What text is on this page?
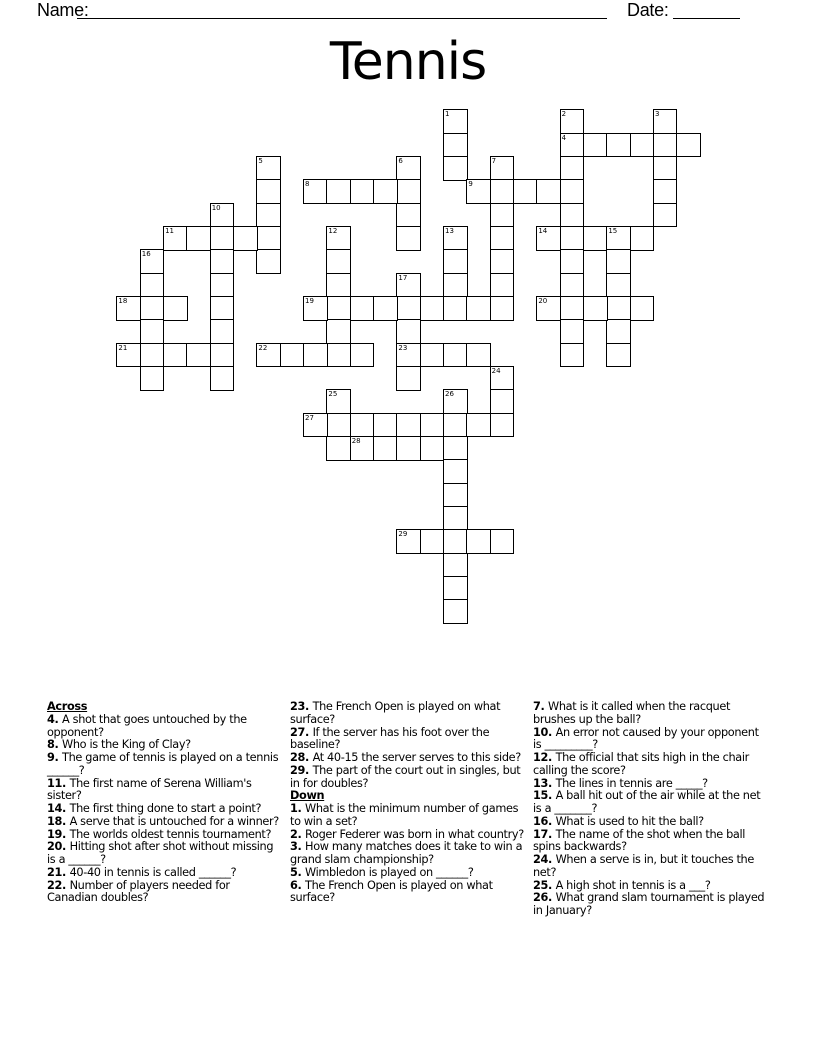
Name:	Date:
Tennis
1	2
4
3
5	6	7
8	9
10
11	12	13	14	15
16
17
23
18	19	20
21	22
24
25	26
27
28
29
Across
4. A shot that goes untouched by the opponent?
8. Who is the King of Clay?
9. The game of tennis is played on a tennis ______?
11. The first name of Serena William's sister?
14. The first thing done to start a point?
18. A serve that is untouched for a winner?
19. The worlds oldest tennis tournament?
20. Hitting shot after shot without missing is a ______?
21. 40-40 in tennis is called ______?
22. Number of players needed for Canadian doubles?
23. The French Open is played on what surface?
27. If the server has his foot over the baseline?
28. At 40-15 the server serves to this side?
29. The part of the court out in singles, but in for doubles?
Down
1. What is the minimum number of games to win a set?
2. Roger Federer was born in what country?
3. How many matches does it take to win a grand slam championship?
5. Wimbledon is played on ______?
6. The French Open is played on what surface?
7. What is it called when the racquet brushes up the ball?
10. An error not caused by your opponent is _________?
12. The official that sits high in the chair calling the score?
13. The lines in tennis are _____?
15. A ball hit out of the air while at the net is a _______?
16. What is used to hit the ball?
17. The name of the shot when the ball spins backwards?
24. When a serve is in, but it touches the net?
25. A high shot in tennis is a ___?
26. What grand slam tournament is played in January?
